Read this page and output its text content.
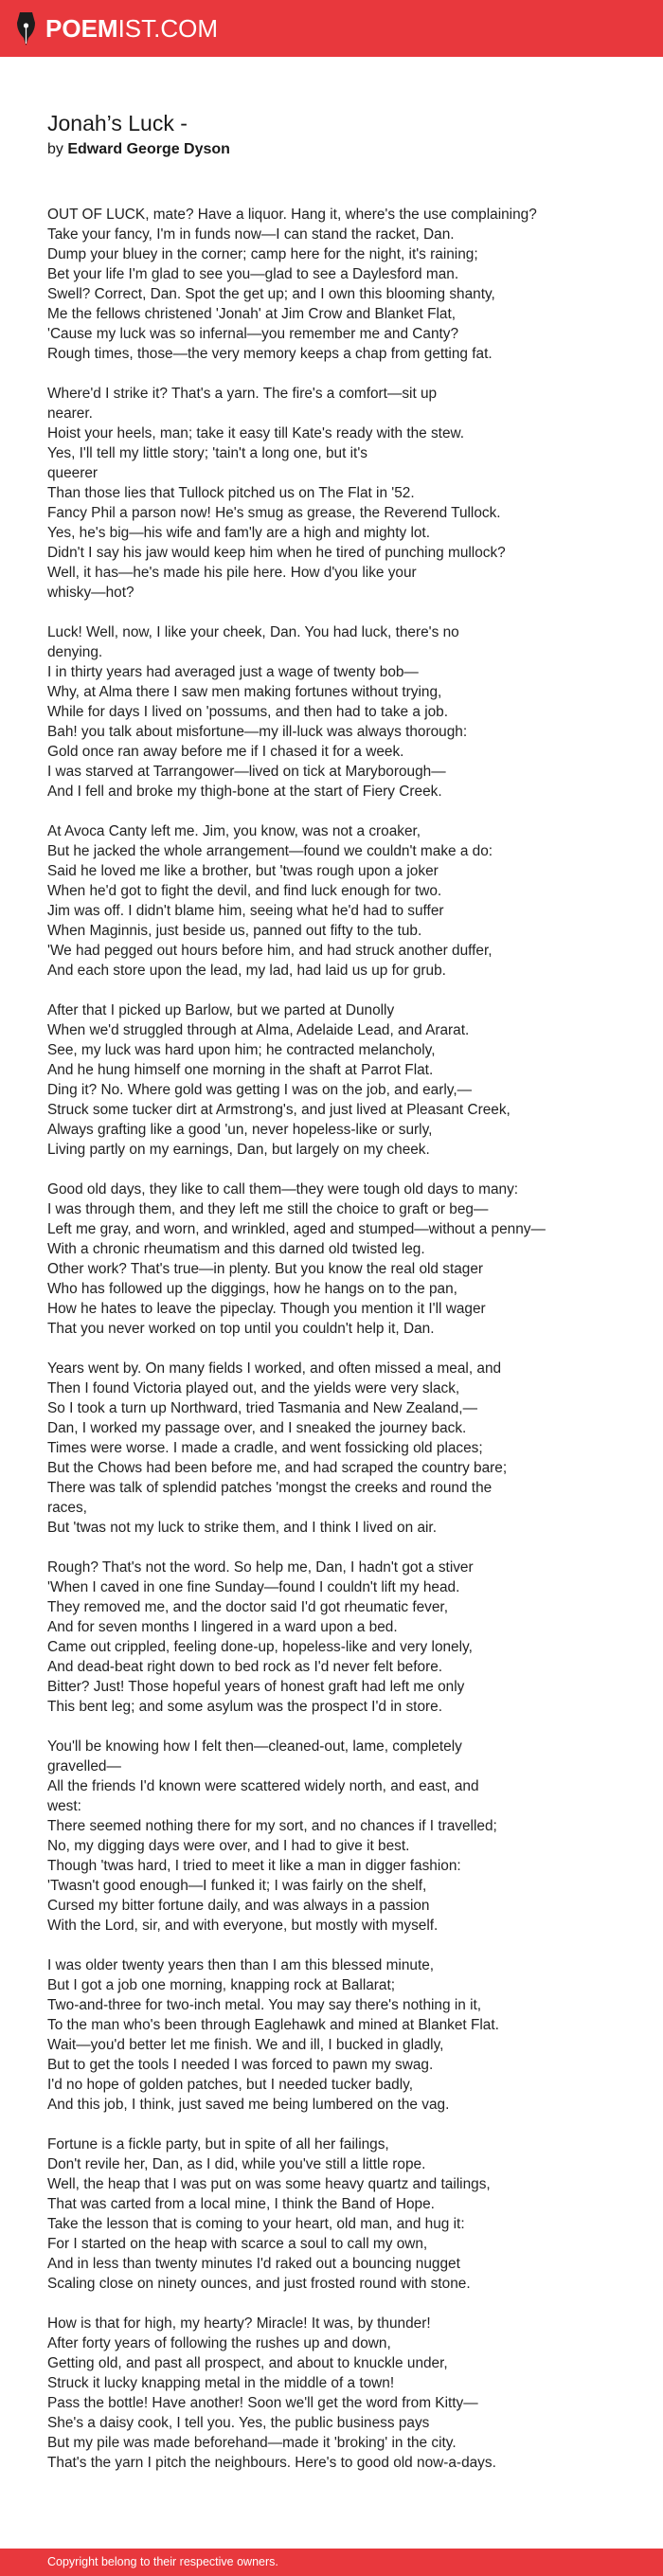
POEMIST.COM
Jonah’s Luck -
by Edward George Dyson
OUT OF LUCK, mate? Have a liquor. Hang it, where's the use complaining?
Take your fancy, I'm in funds now—I can stand the racket, Dan.
Dump your bluey in the corner; camp here for the night, it's raining;
Bet your life I'm glad to see you—glad to see a Daylesford man.
Swell? Correct, Dan. Spot the get up; and I own this blooming shanty,
Me the fellows christened 'Jonah' at Jim Crow and Blanket Flat,
'Cause my luck was so infernal—you remember me and Canty?
Rough times, those—the very memory keeps a chap from getting fat.
Where'd I strike it? That's a yarn. The fire's a comfort—sit up
nearer.
Hoist your heels, man; take it easy till Kate's ready with the stew.
Yes, I'll tell my little story; 'tain't a long one, but it's
queerer
Than those lies that Tullock pitched us on The Flat in '52.
Fancy Phil a parson now! He's smug as grease, the Reverend Tullock.
Yes, he's big—his wife and fam'ly are a high and mighty lot.
Didn't I say his jaw would keep him when he tired of punching mullock?
Well, it has—he's made his pile here. How d'you like your
whisky—hot?
Luck! Well, now, I like your cheek, Dan. You had luck, there's no
denying.
I in thirty years had averaged just a wage of twenty bob—
Why, at Alma there I saw men making fortunes without trying,
While for days I lived on 'possums, and then had to take a job.
Bah! you talk about misfortune—my ill-luck was always thorough:
Gold once ran away before me if I chased it for a week.
I was starved at Tarrangower—lived on tick at Maryborough—
And I fell and broke my thigh-bone at the start of Fiery Creek.
At Avoca Canty left me. Jim, you know, was not a croaker,
But he jacked the whole arrangement—found we couldn't make a do:
Said he loved me like a brother, but 'twas rough upon a joker
When he'd got to fight the devil, and find luck enough for two.
Jim was off. I didn't blame him, seeing what he'd had to suffer
When Maginnis, just beside us, panned out fifty to the tub.
'We had pegged out hours before him, and had struck another duffer,
And each store upon the lead, my lad, had laid us up for grub.
After that I picked up Barlow, but we parted at Dunolly
When we'd struggled through at Alma, Adelaide Lead, and Ararat.
See, my luck was hard upon him; he contracted melancholy,
And he hung himself one morning in the shaft at Parrot Flat.
Ding it? No. Where gold was getting I was on the job, and early,—
Struck some tucker dirt at Armstrong's, and just lived at Pleasant Creek,
Always grafting like a good 'un, never hopeless-like or surly,
Living partly on my earnings, Dan, but largely on my cheek.
Good old days, they like to call them—they were tough old days to many:
I was through them, and they left me still the choice to graft or beg—
Left me gray, and worn, and wrinkled, aged and stumped—without a penny—
With a chronic rheumatism and this darned old twisted leg.
Other work? That's true—in plenty. But you know the real old stager
Who has followed up the diggings, how he hangs on to the pan,
How he hates to leave the pipeclay. Though you mention it I'll wager
That you never worked on top until you couldn't help it, Dan.
Years went by. On many fields I worked, and often missed a meal, and
Then I found Victoria played out, and the yields were very slack,
So I took a turn up Northward, tried Tasmania and New Zealand,—
Dan, I worked my passage over, and I sneaked the journey back.
Times were worse. I made a cradle, and went fossicking old places;
But the Chows had been before me, and had scraped the country bare;
There was talk of splendid patches 'mongst the creeks and round the
races,
But 'twas not my luck to strike them, and I think I lived on air.
Rough? That's not the word. So help me, Dan, I hadn't got a stiver
'When I caved in one fine Sunday—found I couldn't lift my head.
They removed me, and the doctor said I'd got rheumatic fever,
And for seven months I lingered in a ward upon a bed.
Came out crippled, feeling done-up, hopeless-like and very lonely,
And dead-beat right down to bed rock as I'd never felt before.
Bitter? Just! Those hopeful years of honest graft had left me only
This bent leg; and some asylum was the prospect I'd in store.
You'll be knowing how I felt then—cleaned-out, lame, completely
gravelled—
All the friends I'd known were scattered widely north, and east, and
west:
There seemed nothing there for my sort, and no chances if I travelled;
No, my digging days were over, and I had to give it best.
Though 'twas hard, I tried to meet it like a man in digger fashion:
'Twasn't good enough—I funked it; I was fairly on the shelf,
Cursed my bitter fortune daily, and was always in a passion
With the Lord, sir, and with everyone, but mostly with myself.
I was older twenty years then than I am this blessed minute,
But I got a job one morning, knapping rock at Ballarat;
Two-and-three for two-inch metal. You may say there's nothing in it,
To the man who's been through Eaglehawk and mined at Blanket Flat.
Wait—you'd better let me finish. We and ill, I bucked in gladly,
But to get the tools I needed I was forced to pawn my swag.
I'd no hope of golden patches, but I needed tucker badly,
And this job, I think, just saved me being lumbered on the vag.
Fortune is a fickle party, but in spite of all her failings,
Don't revile her, Dan, as I did, while you've still a little rope.
Well, the heap that I was put on was some heavy quartz and tailings,
That was carted from a local mine, I think the Band of Hope.
Take the lesson that is coming to your heart, old man, and hug it:
For I started on the heap with scarce a soul to call my own,
And in less than twenty minutes I'd raked out a bouncing nugget
Scaling close on ninety ounces, and just frosted round with stone.
How is that for high, my hearty? Miracle! It was, by thunder!
After forty years of following the rushes up and down,
Getting old, and past all prospect, and about to knuckle under,
Struck it lucky knapping metal in the middle of a town!
Pass the bottle! Have another! Soon we'll get the word from Kitty—
She's a daisy cook, I tell you. Yes, the public business pays
But my pile was made beforehand—made it 'broking' in the city.
That's the yarn I pitch the neighbours. Here's to good old now-a-days.
Copyright belong to their respective owners.
